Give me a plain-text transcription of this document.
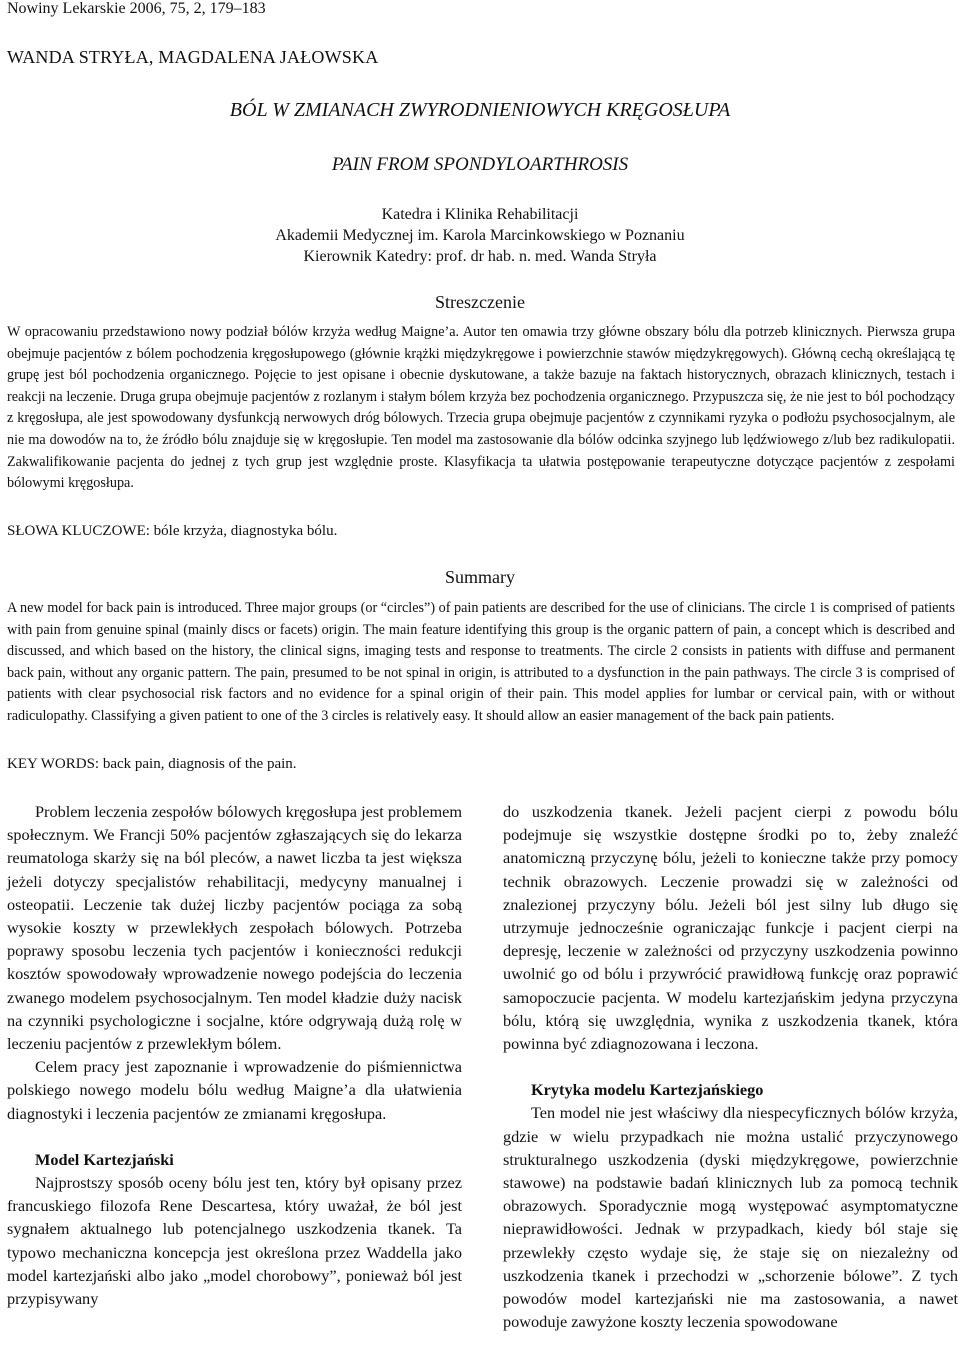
Nowiny Lekarskie 2006, 75, 2, 179–183
WANDA STRYŁA, MAGDALENA JAŁOWSKA
BÓL W ZMIANACH ZWYRODNIENIOWYCH KRĘGOSŁUPA
PAIN FROM SPONDYLOARTHROSIS
Katedra i Klinika Rehabilitacji
Akademii Medycznej im. Karola Marcinkowskiego w Poznaniu
Kierownik Katedry: prof. dr hab. n. med. Wanda Stryła
Streszczenie

W opracowaniu przedstawiono nowy podział bólów krzyża według Maigne’a. Autor ten omawia trzy główne obszary bólu dla potrzeb klinicznych. Pierwsza grupa obejmuje pacjentów z bólem pochodzenia kręgosłupowego (głównie krążki międzykręgowe i powierzchnie stawów międzykręgowych). Główną cechą określającą tę grupę jest ból pochodzenia organicznego. Pojęcie to jest opisane i obecnie dyskutowane, a także bazuje na faktach historycznych, obrazach klinicznych, testach i reakcji na leczenie. Druga grupa obejmuje pacjentów z rozlanym i stałym bólem krzyża bez pochodzenia organicznego. Przypuszcza się, że nie jest to ból pochodzący z kręgosłupa, ale jest spowodowany dysfunkcją nerwowych dróg bólowych. Trzecia grupa obejmuje pacjentów z czynnikami ryzyka o podłożu psychosocjalnym, ale nie ma dowodów na to, że źródło bólu znajduje się w kręgosłupie. Ten model ma zastosowanie dla bólów odcinka szyjnego lub lędźwiowego z/lub bez radikulopatii. Zakwalifikowanie pacjenta do jednej z tych grup jest względnie proste. Klasyfikacja ta ułatwia postępowanie terapeutyczne dotyczące pacjentów z zespołami bólowymi kręgosłupa.

SŁOWA KLUCZOWE: bóle krzyża, diagnostyka bólu.
Summary

A new model for back pain is introduced. Three major groups (or “circles”) of pain patients are described for the use of clinicians. The circle 1 is comprised of patients with pain from genuine spinal (mainly discs or facets) origin. The main feature identifying this group is the organic pattern of pain, a concept which is described and discussed, and which based on the history, the clinical signs, imaging tests and response to treatments. The circle 2 consists in patients with diffuse and permanent back pain, without any organic pattern. The pain, presumed to be not spinal in origin, is attributed to a dysfunction in the pain pathways. The circle 3 is comprised of patients with clear psychosocial risk factors and no evidence for a spinal origin of their pain. This model applies for lumbar or cervical pain, with or without radiculopathy. Classifying a given patient to one of the 3 circles is relatively easy. It should allow an easier management of the back pain patients.

KEY WORDS: back pain, diagnosis of the pain.

Problem leczenia zespołów bólowych kręgosłupa jest problemem społecznym. We Francji 50% pacjentów zgłaszających się do lekarza reumatologa skarży się na ból pleców, a nawet liczba ta jest większa jeżeli dotyczy specjalistów rehabilitacji, medycyny manualnej i osteopatii. Leczenie tak dużej liczby pacjentów pociąga za sobą wysokie koszty w przewlekłych zespołach bólowych. Potrzeba poprawy sposobu leczenia tych pacjentów i konieczności redukcji kosztów spowodowały wprowadzenie nowego podejścia do leczenia zwanego modelem psychosocjalnym. Ten model kładzie duży nacisk na czynniki psychologiczne i socjalne, które odgrywają dużą rolę w leczeniu pacjentów z przewlekłym bólem.

Celem pracy jest zapoznanie i wprowadzenie do piśmiennictwa polskiego nowego modelu bólu według Maigne’a dla ułatwienia diagnostyki i leczenia pacjentów ze zmianami kręgosłupa.

Model Kartezjański

Najprostszy sposób oceny bólu jest ten, który był opisany przez francuskiego filozofa Rene Descartesa, który uważał, że ból jest sygnałem aktualnego lub potencjalnego uszkodzenia tkanek. Ta typowo mechaniczna koncepcja jest określona przez Waddella jako model kartezjański albo jako „model chorobowy”, ponieważ ból jest przypisywany

do uszkodzenia tkanek. Jeżeli pacjent cierpi z powodu bólu podejmuje się wszystkie dostępne środki po to, żeby znaleźć anatomiczną przyczynę bólu, jeżeli to konieczne także przy pomocy technik obrazowych. Leczenie prowadzi się w zależności od znalezionej przyczyny bólu. Jeżeli ból jest silny lub długo się utrzymuje jednocześnie ograniczając funkcje i pacjent cierpi na depresję, leczenie w zależności od przyczyny uszkodzenia powinno uwolnić go od bólu i przywrócić prawidłową funkcję oraz poprawić samopoczucie pacjenta. W modelu kartezjańskim jedyna przyczyna bólu, którą się uwzględnia, wynika z uszkodzenia tkanek, która powinna być zdiagnozowana i leczona.

Krytyka modelu Kartezjańskiego

Ten model nie jest właściwy dla niespecyficznych bólów krzyża, gdzie w wielu przypadkach nie można ustalić przyczynowego strukturalnego uszkodzenia (dyski międzykręgowe, powierzchnie stawowe) na podstawie badań klinicznych lub za pomocą technik obrazowych. Sporadycznie mogą występować asymptomatyczne nieprawidłowości. Jednak w przypadkach, kiedy ból staje się przewlekły często wydaje się, że staje się on niezależny od uszkodzenia tkanek i przechodzi w „schorzenie bólowe”. Z tych powodów model kartezjański nie ma zastosowania, a nawet powoduje zawyżone koszty leczenia spowodowane
